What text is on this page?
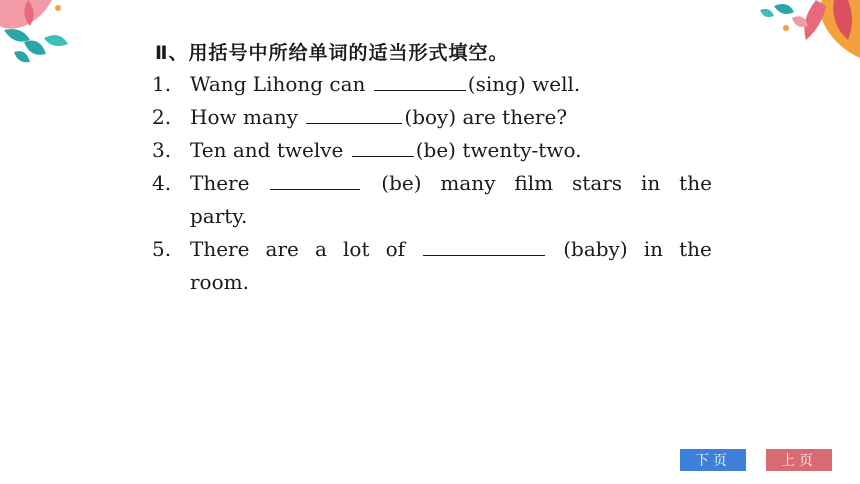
Ⅱ、用括号中所给单词的适当形式填空。
1. Wang Lihong can	(sing) well.
2. How many	(boy) are there?
3. Ten and twelve	(be) twenty-two.
4. There	(be) many film stars in the
party.
5. There are a lot of	(baby) in the
room.
下页	上页
